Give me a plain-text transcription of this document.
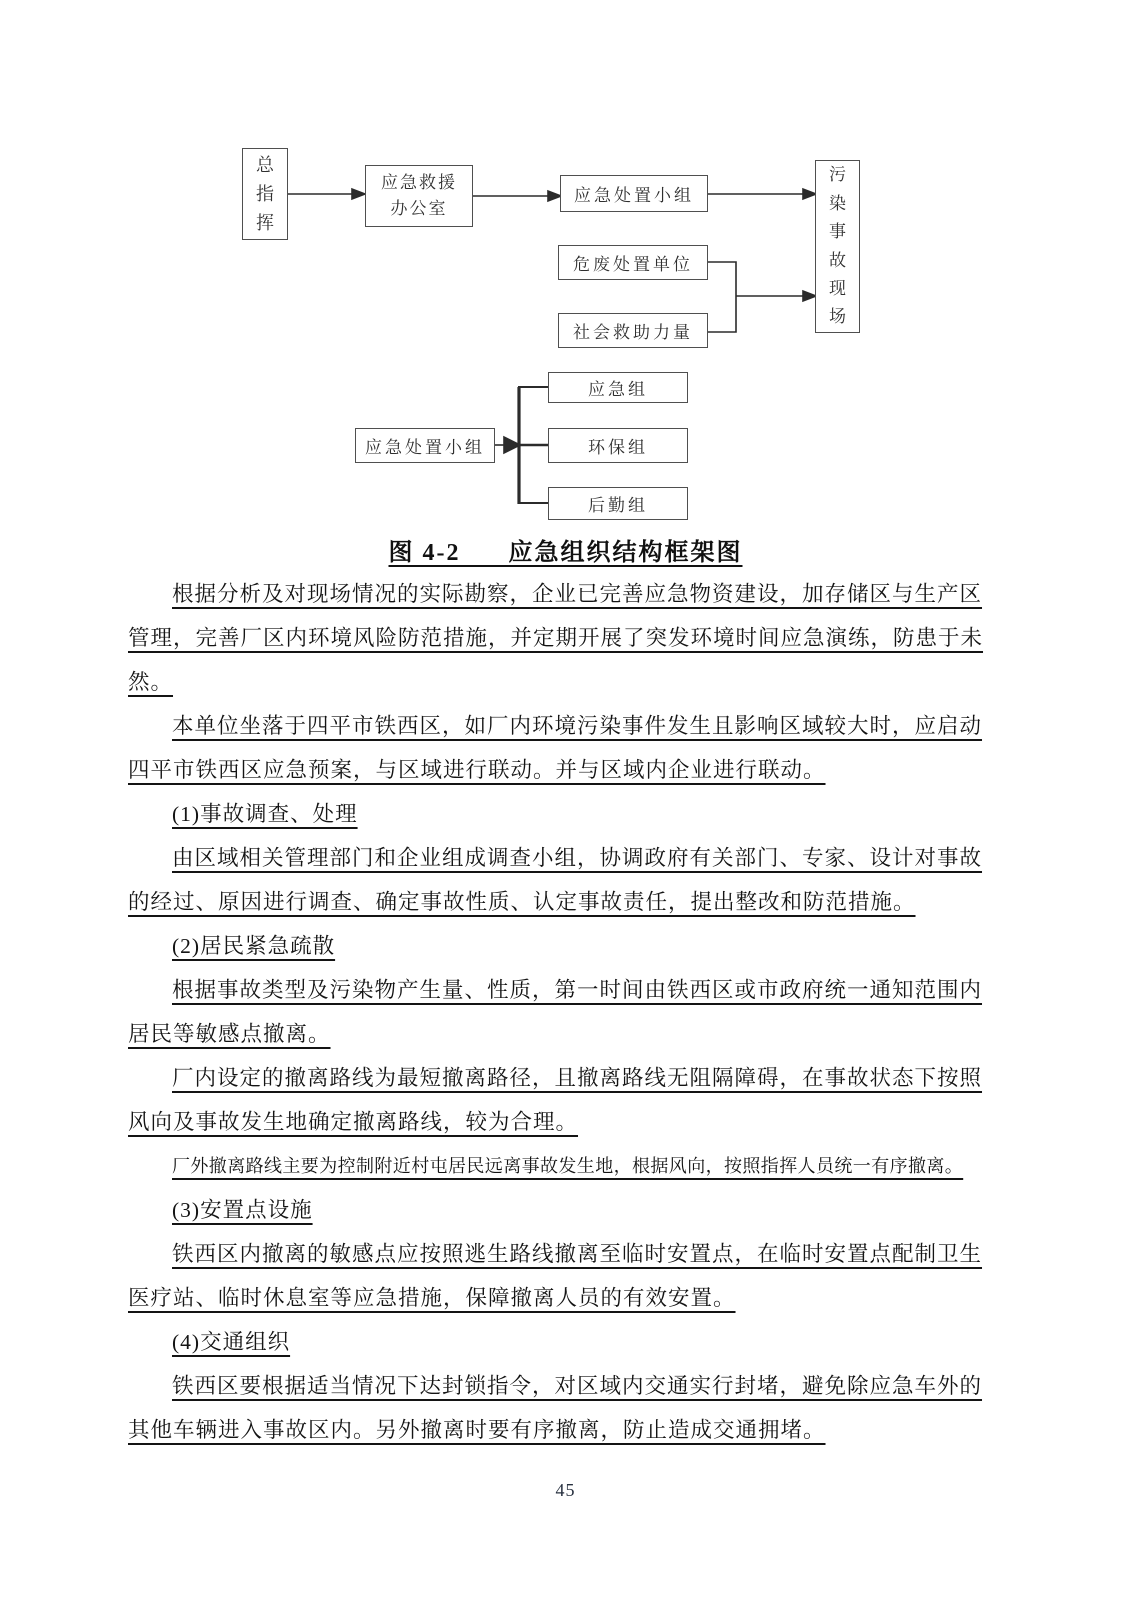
总指挥
应急救援
办公室
应急处置小组
危废处置单位
社会救助力量
污染事故现场
应急处置小组
应急组
环保组
后勤组
图 4-2      应急组织结构框架图
根据分析及对现场情况的实际勘察，企业已完善应急物资建设，加存储区与生产区
管理，完善厂区内环境风险防范措施，并定期开展了突发环境时间应急演练，防患于未
然。
本单位坐落于四平市铁西区，如厂内环境污染事件发生且影响区域较大时，应启动
四平市铁西区应急预案，与区域进行联动。并与区域内企业进行联动。
(1)事故调查、处理
由区域相关管理部门和企业组成调查小组，协调政府有关部门、专家、设计对事故
的经过、原因进行调查、确定事故性质、认定事故责任，提出整改和防范措施。
(2)居民紧急疏散
根据事故类型及污染物产生量、性质，第一时间由铁西区或市政府统一通知范围内
居民等敏感点撤离。
厂内设定的撤离路线为最短撤离路径，且撤离路线无阻隔障碍，在事故状态下按照
风向及事故发生地确定撤离路线，较为合理。
厂外撤离路线主要为控制附近村屯居民远离事故发生地，根据风向，按照指挥人员统一有序撤离。
(3)安置点设施
铁西区内撤离的敏感点应按照逃生路线撤离至临时安置点，在临时安置点配制卫生
医疗站、临时休息室等应急措施，保障撤离人员的有效安置。
(4)交通组织
铁西区要根据适当情况下达封锁指令，对区域内交通实行封堵，避免除应急车外的
其他车辆进入事故区内。另外撤离时要有序撤离，防止造成交通拥堵。
45
